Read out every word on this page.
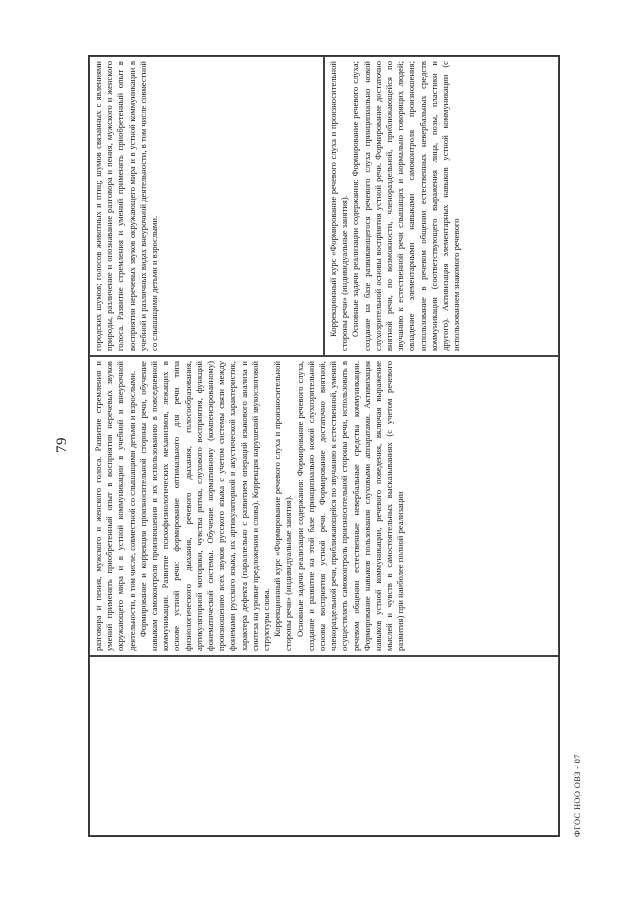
79	разговора и пения, мужского и женского голоса. Развитие стремления и умений применять приобретенный опыт в восприятии неречевых звуков окружающего мира и в устной коммуникации в учебной и внеурочной деятельности, в том числе, совместной со слышащими детьми и взрослыми. Формирование и коррекция произносительной стороны речи, обучение навыкам самоконтроля произношения и их использованию в повседневной коммуникации. Развитие психофизиологических механизмов, лежащих в основе устной речи: формирование оптимального для речи типа физиологического дыхания, речевого дыхания, голосообразования, артикуляторной моторики, чувства ритма, слухового восприятия, функций фонематической системы. Обучение нормативному (компенсированному) произношению всех звуков русского языка с учетом системы связи между фонемами русского языка, их артикуляторной и акустической характеристик, характера дефекта (параллельно с развитием операций языкового анализа и синтеза на уровне предложения и слова). Коррекция нарушений звукослоговой структуры слова. Коррекционный курс «Формирование речевого слуха и произносительной стороны речи» (индивидуальные занятия). Основные задачи реализации содержания: Формирование речевого слуха, создание и развитие на этой базе принципиально новой слухозрительной основы восприятия устной речи. Формирование достаточно внятной, членораздельной речи, приближающейся по звучанию к естественной, умений осуществлять самоконтроль произносительной стороны речи, использовать в речевом общении естественные невербальные средства коммуникации. Формирование навыков пользования слуховыми аппаратами. Активизация навыков устной коммуникации, речевого поведения, включая выражение мыслей и чувств в самостоятельных высказываниях (с учетом речевого развития) при наиболее полной реализации

городских шумов; голосов животных и птиц; шумов связанных с явлениями природы, различение и опознавание разговора и пения, мужского и женского голоса. Развитие стремления и умений применять приобретенный опыт в восприятии неречевых звуков окружающего мира и в устной коммуникации в учебной и различных видах внеурочной деятельности, в том числе совместной со слышащими детьми и взрослыми.	Коррекционный курс «Формирование речевого слуха и произносительной стороны речи» (индивидуальные занятия). Основные задачи реализации содержания: Формирование речевого слуха; создание на базе развивающегося речевого слуха принципиально новой слухозрительной основы восприятия устной речи. Формирование достаточно внятной речи, по возможности, членораздельной, приближающейся по звучанию к естественной речи слышащих и нормально говорящих людей; овладение элементарными навыками самоконтроля произношения; использование в речевом общении естественных невербальных средств коммуникации (соответствующего выражения лица, позы, пластики и другого). Активизация элементарных навыков устной коммуникации (с использованием знакомого речевого

ФГОС НОО ОВЗ - 07
